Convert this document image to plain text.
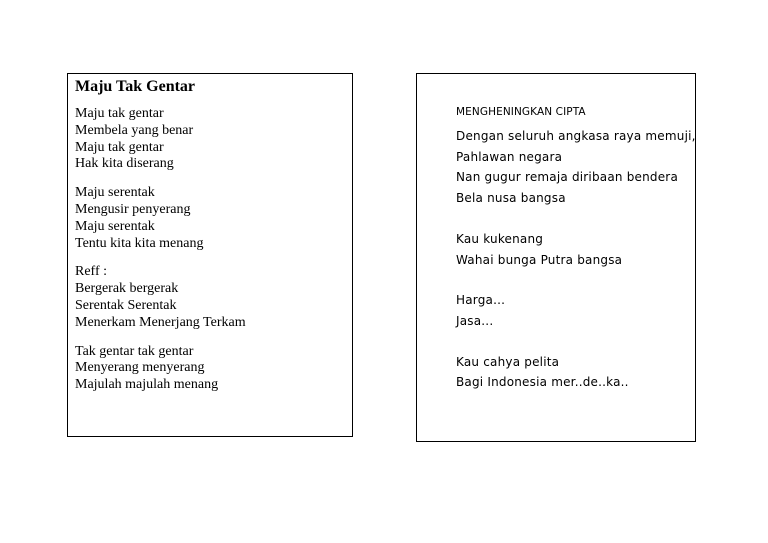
Maju Tak Gentar
Maju tak gentar
Membela yang benar
Maju tak gentar
Hak kita diserang
Maju serentak
Mengusir penyerang
Maju serentak
Tentu kita kita menang
Reff :
Bergerak bergerak
Serentak Serentak
Menerkam Menerjang Terkam
Tak gentar tak gentar
Menyerang menyerang
Majulah majulah menang
MENGHENINGKAN CIPTA
Dengan seluruh angkasa raya memuji,
Pahlawan negara
Nan gugur remaja diribaan bendera
Bela nusa bangsa
Kau kukenang
Wahai bunga Putra bangsa
Harga...
Jasa...
Kau cahya pelita
Bagi Indonesia mer..de..ka..
